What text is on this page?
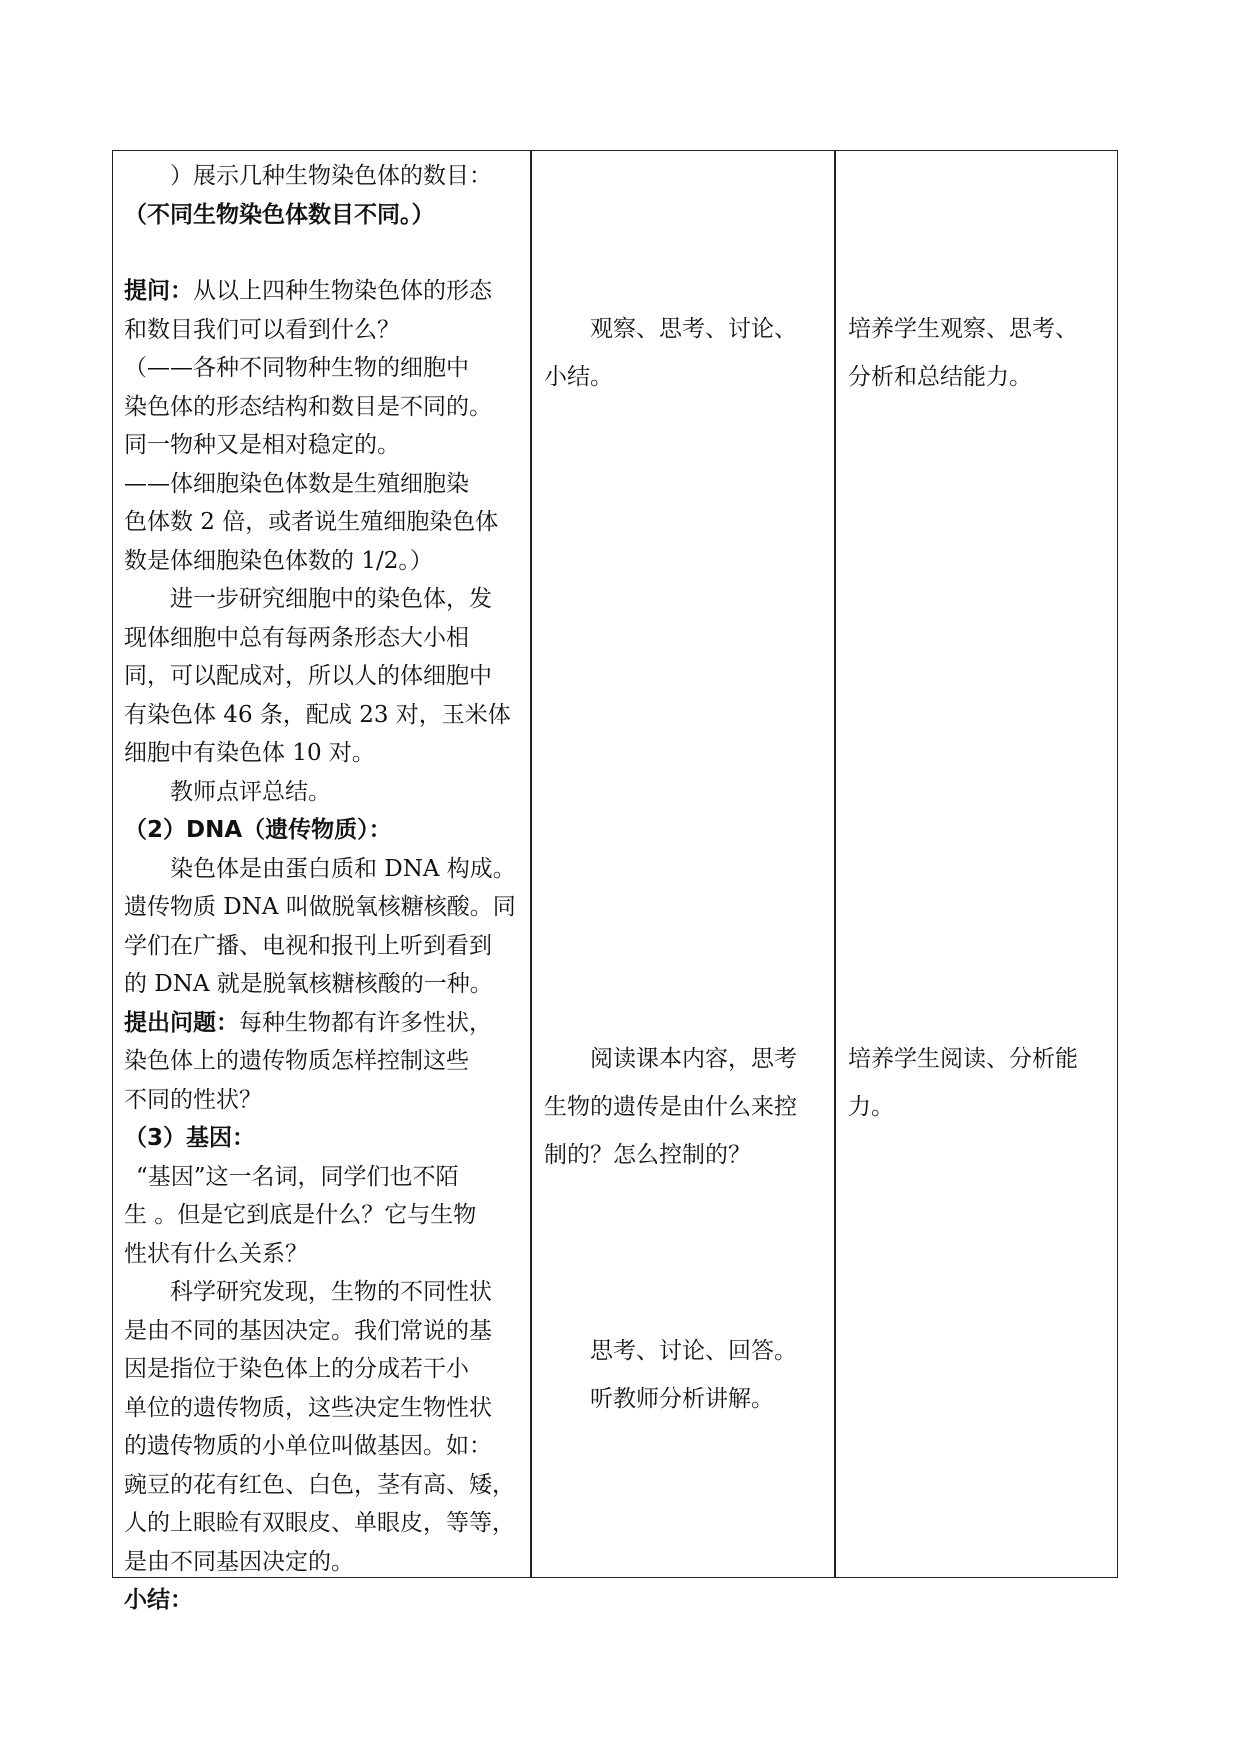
）展示几种生物染色体的数目：
（不同生物染色体数目不同。）
提问：从以上四种生物染色体的形态
和数目我们可以看到什么？
（——各种不同物种生物的细胞中
染色体的形态结构和数目是不同的。
同一物种又是相对稳定的。
——体细胞染色体数是生殖细胞染
色体数 2 倍，或者说生殖细胞染色体
数是体细胞染色体数的 1/2。）
进一步研究细胞中的染色体，发
现体细胞中总有每两条形态大小相
同，可以配成对，所以人的体细胞中
有染色体 46 条，配成 23 对，玉米体
细胞中有染色体 10 对。
教师点评总结。
（2）DNA（遗传物质）：
染色体是由蛋白质和 DNA 构成。
遗传物质 DNA 叫做脱氧核糖核酸。同
学们在广播、电视和报刊上听到看到
的 DNA 就是脱氧核糖核酸的一种。
提出问题：每种生物都有许多性状，
染色体上的遗传物质怎样控制这些
不同的性状？
（3）基因：
“基因”这一名词，同学们也不陌
生 。但是它到底是什么？它与生物
性状有什么关系？
科学研究发现，生物的不同性状
是由不同的基因决定。我们常说的基
因是指位于染色体上的分成若干小
单位的遗传物质，这些决定生物性状
的遗传物质的小单位叫做基因。如：
豌豆的花有红色、白色，茎有高、矮，
人的上眼睑有双眼皮、单眼皮，等等，
是由不同基因决定的。
小结：
观察、思考、讨论、
小结。
阅读课本内容，思考
生物的遗传是由什么来控
制的？怎么控制的？
思考、讨论、回答。
听教师分析讲解。
培养学生观察、思考、
分析和总结能力。
培养学生阅读、分析能
力。
